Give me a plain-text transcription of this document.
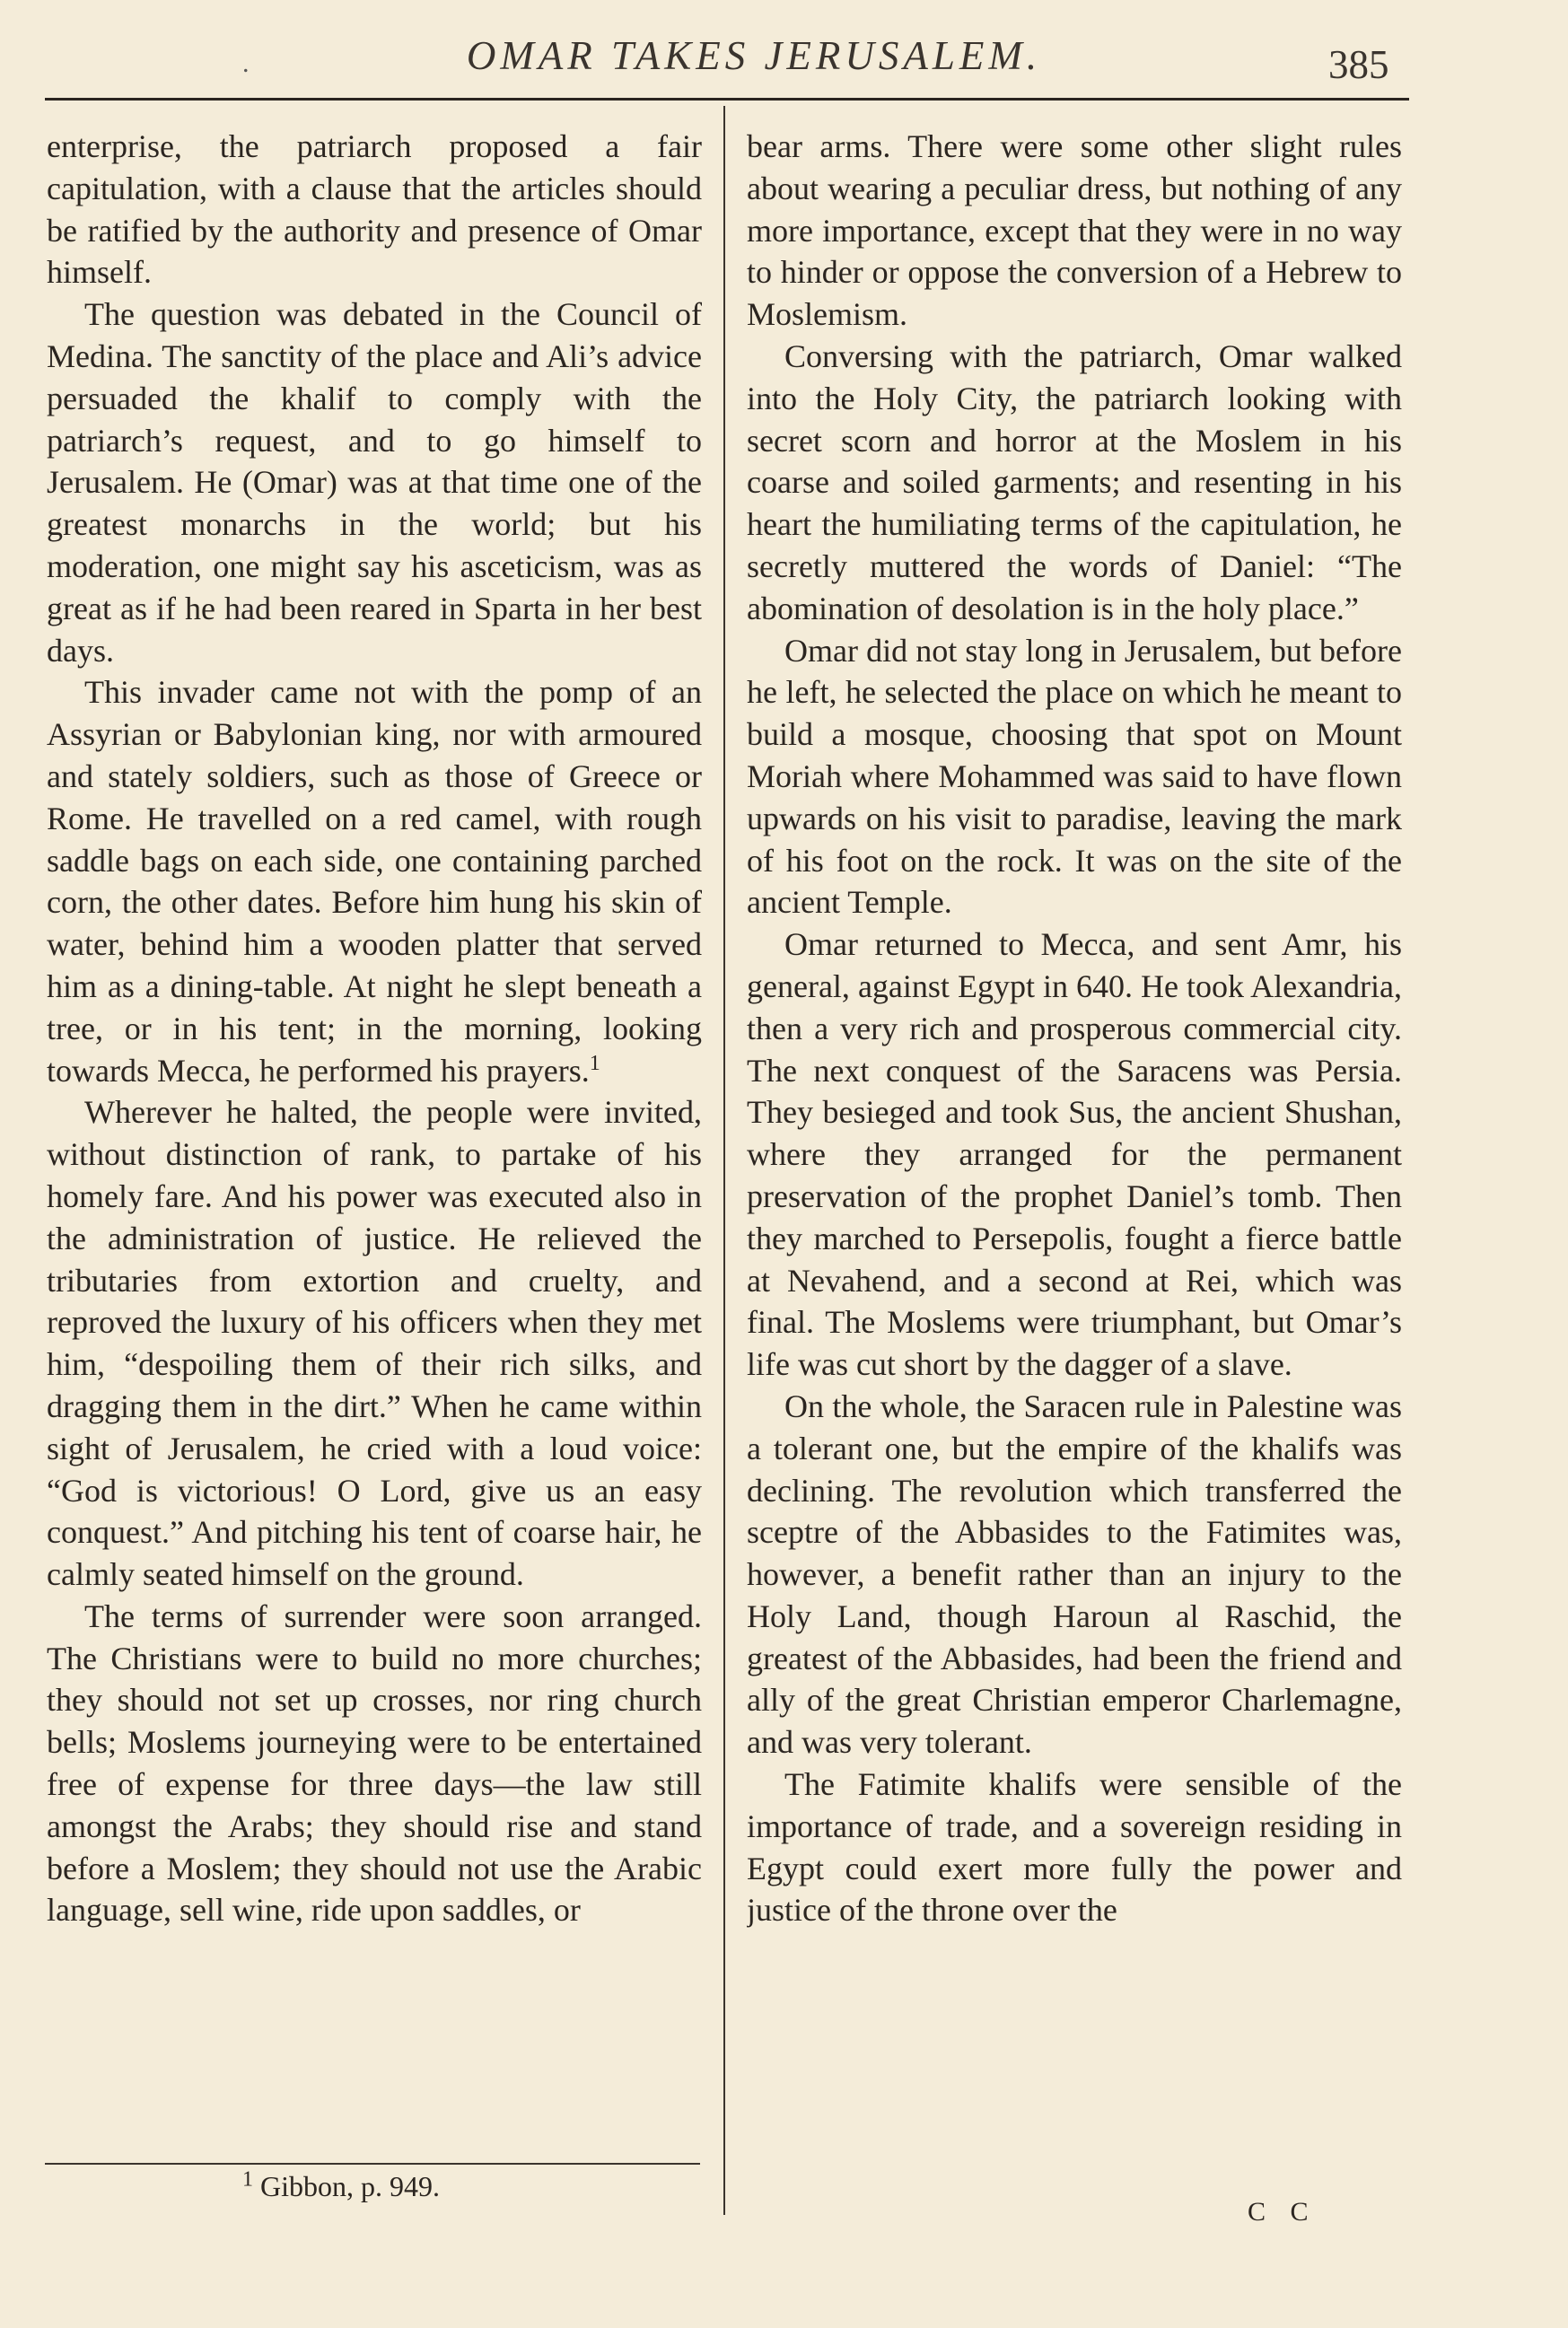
.	OMAR TAKES JERUSALEM.	385

enterprise, the patriarch proposed a fair capitulation, with a clause that the articles should be ratified by the authority and presence of Omar himself.

The question was debated in the Council of Medina. The sanctity of the place and Ali’s advice persuaded the khalif to comply with the patriarch’s request, and to go himself to Jerusalem. He (Omar) was at that time one of the greatest monarchs in the world; but his moderation, one might say his asceticism, was as great as if he had been reared in Sparta in her best days.

This invader came not with the pomp of an Assyrian or Babylonian king, nor with armoured and stately soldiers, such as those of Greece or Rome. He travelled on a red camel, with rough saddle bags on each side, one containing parched corn, the other dates. Before him hung his skin of water, behind him a wooden platter that served him as a dining-table. At night he slept beneath a tree, or in his tent; in the morning, looking towards Mecca, he performed his prayers.$^1$

Wherever he halted, the people were invited, without distinction of rank, to partake of his homely fare. And his power was executed also in the administration of justice. He relieved the tributaries from extortion and cruelty, and reproved the luxury of his officers when they met him, “despoiling them of their rich silks, and dragging them in the dirt.” When he came within sight of Jerusalem, he cried with a loud voice: “God is victorious! O Lord, give us an easy conquest.” And pitching his tent of coarse hair, he calmly seated himself on the ground.

The terms of surrender were soon arranged. The Christians were to build no more churches; they should not set up crosses, nor ring church bells; Moslems journeying were to be entertained free of expense for three days—the law still amongst the Arabs; they should rise and stand before a Moslem; they should not use the Arabic language, sell wine, ride upon saddles, or

bear arms. There were some other slight rules about wearing a peculiar dress, but nothing of any more importance, except that they were in no way to hinder or oppose the conversion of a Hebrew to Moslemism.

Conversing with the patriarch, Omar walked into the Holy City, the patriarch looking with secret scorn and horror at the Moslem in his coarse and soiled garments; and resenting in his heart the humiliating terms of the capitulation, he secretly muttered the words of Daniel: “The abomination of desolation is in the holy place.”

Omar did not stay long in Jerusalem, but before he left, he selected the place on which he meant to build a mosque, choosing that spot on Mount Moriah where Mohammed was said to have flown upwards on his visit to paradise, leaving the mark of his foot on the rock. It was on the site of the ancient Temple.

Omar returned to Mecca, and sent Amr, his general, against Egypt in 640. He took Alexandria, then a very rich and prosperous commercial city. The next conquest of the Saracens was Persia. They besieged and took Sus, the ancient Shushan, where they arranged for the permanent preservation of the prophet Daniel’s tomb. Then they marched to Persepolis, fought a fierce battle at Nevahend, and a second at Rei, which was final. The Moslems were triumphant, but Omar’s life was cut short by the dagger of a slave.

On the whole, the Saracen rule in Palestine was a tolerant one, but the empire of the khalifs was declining. The revolution which transferred the sceptre of the Abbasides to the Fatimites was, however, a benefit rather than an injury to the Holy Land, though Haroun al Raschid, the greatest of the Abbasides, had been the friend and ally of the great Christian emperor Charlemagne, and was very tolerant.

The Fatimite khalifs were sensible of the importance of trade, and a sovereign residing in Egypt could exert more fully the power and justice of the throne over the

$^1$ Gibbon, p. 949.
C C
